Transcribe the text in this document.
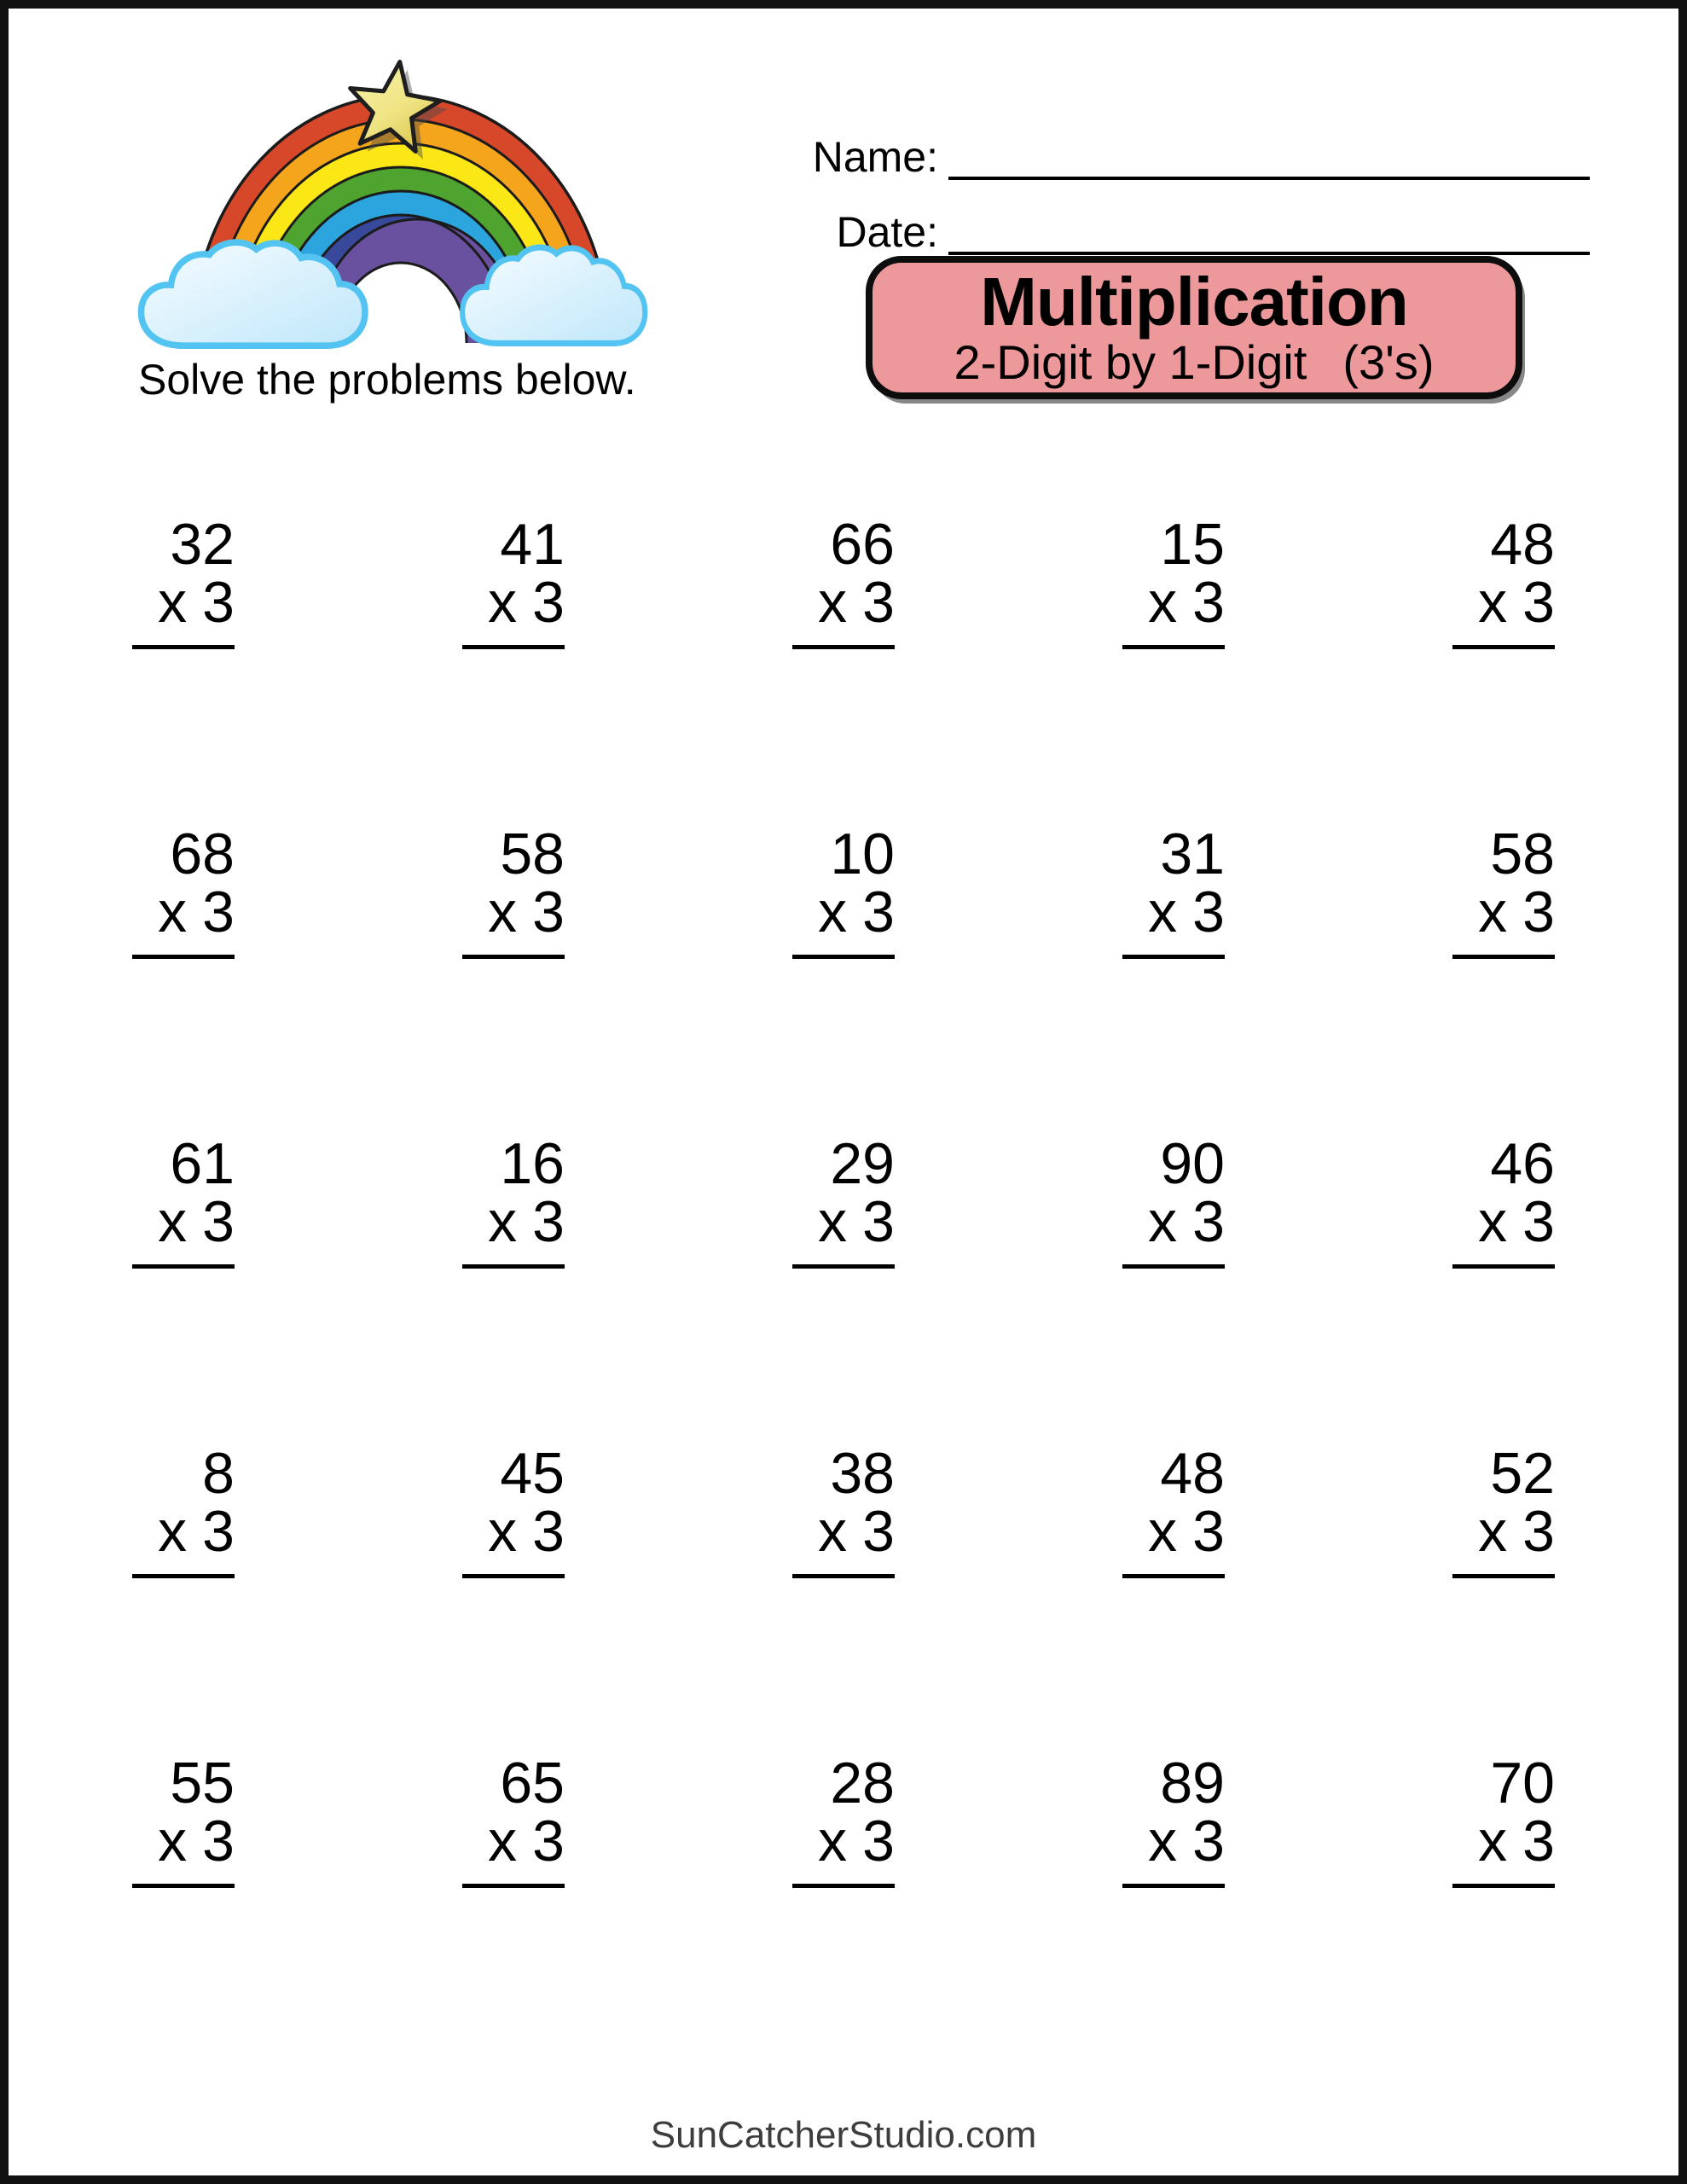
Solve the problems below.
Name:
Date:
Multiplication
2-Digit by 1-Digit (3's)
32
x 3
41
x 3
66
x 3
15
x 3
48
x 3
68
x 3
58
x 3
10
x 3
31
x 3
58
x 3
61
x 3
16
x 3
29
x 3
90
x 3
46
x 3
8
x 3
45
x 3
38
x 3
48
x 3
52
x 3
55
x 3
65
x 3
28
x 3
89
x 3
70
x 3
SunCatcherStudio.com
